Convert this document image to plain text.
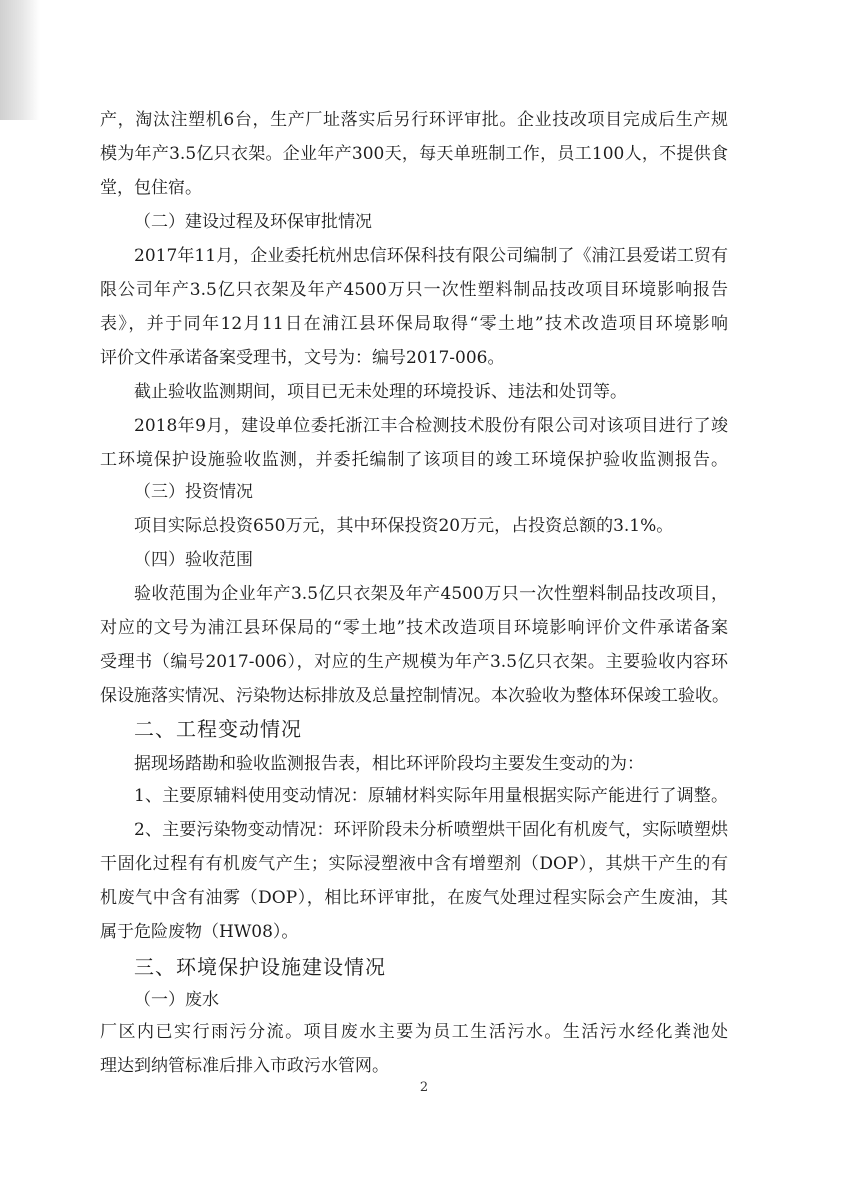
产，淘汰注塑机6台，生产厂址落实后另行环评审批。企业技改项目完成后生产规
模为年产3.5亿只衣架。企业年产300天，每天单班制工作，员工100人，不提供食
堂，包住宿。
（二）建设过程及环保审批情况
2017年11月，企业委托杭州忠信环保科技有限公司编制了《浦江县爱诺工贸有
限公司年产3.5亿只衣架及年产4500万只一次性塑料制品技改项目环境影响报告
表》，并于同年12月11日在浦江县环保局取得“零土地”技术改造项目环境影响
评价文件承诺备案受理书，文号为：编号2017-006。
截止验收监测期间，项目已无未处理的环境投诉、违法和处罚等。
2018年9月，建设单位委托浙江丰合检测技术股份有限公司对该项目进行了竣
工环境保护设施验收监测，并委托编制了该项目的竣工环境保护验收监测报告。
（三）投资情况
项目实际总投资650万元，其中环保投资20万元，占投资总额的3.1%。
（四）验收范围
验收范围为企业年产3.5亿只衣架及年产4500万只一次性塑料制品技改项目，
对应的文号为浦江县环保局的“零土地”技术改造项目环境影响评价文件承诺备案
受理书（编号2017-006），对应的生产规模为年产3.5亿只衣架。主要验收内容环
保设施落实情况、污染物达标排放及总量控制情况。本次验收为整体环保竣工验收。
二、工程变动情况
据现场踏勘和验收监测报告表，相比环评阶段均主要发生变动的为：
1、主要原辅料使用变动情况：原辅材料实际年用量根据实际产能进行了调整。
2、主要污染物变动情况：环评阶段未分析喷塑烘干固化有机废气，实际喷塑烘
干固化过程有有机废气产生；实际浸塑液中含有增塑剂（DOP），其烘干产生的有
机废气中含有油雾（DOP），相比环评审批，在废气处理过程实际会产生废油，其
属于危险废物（HW08）。
三、环境保护设施建设情况
（一）废水
厂区内已实行雨污分流。项目废水主要为员工生活污水。生活污水经化粪池处
理达到纳管标准后排入市政污水管网。
2
